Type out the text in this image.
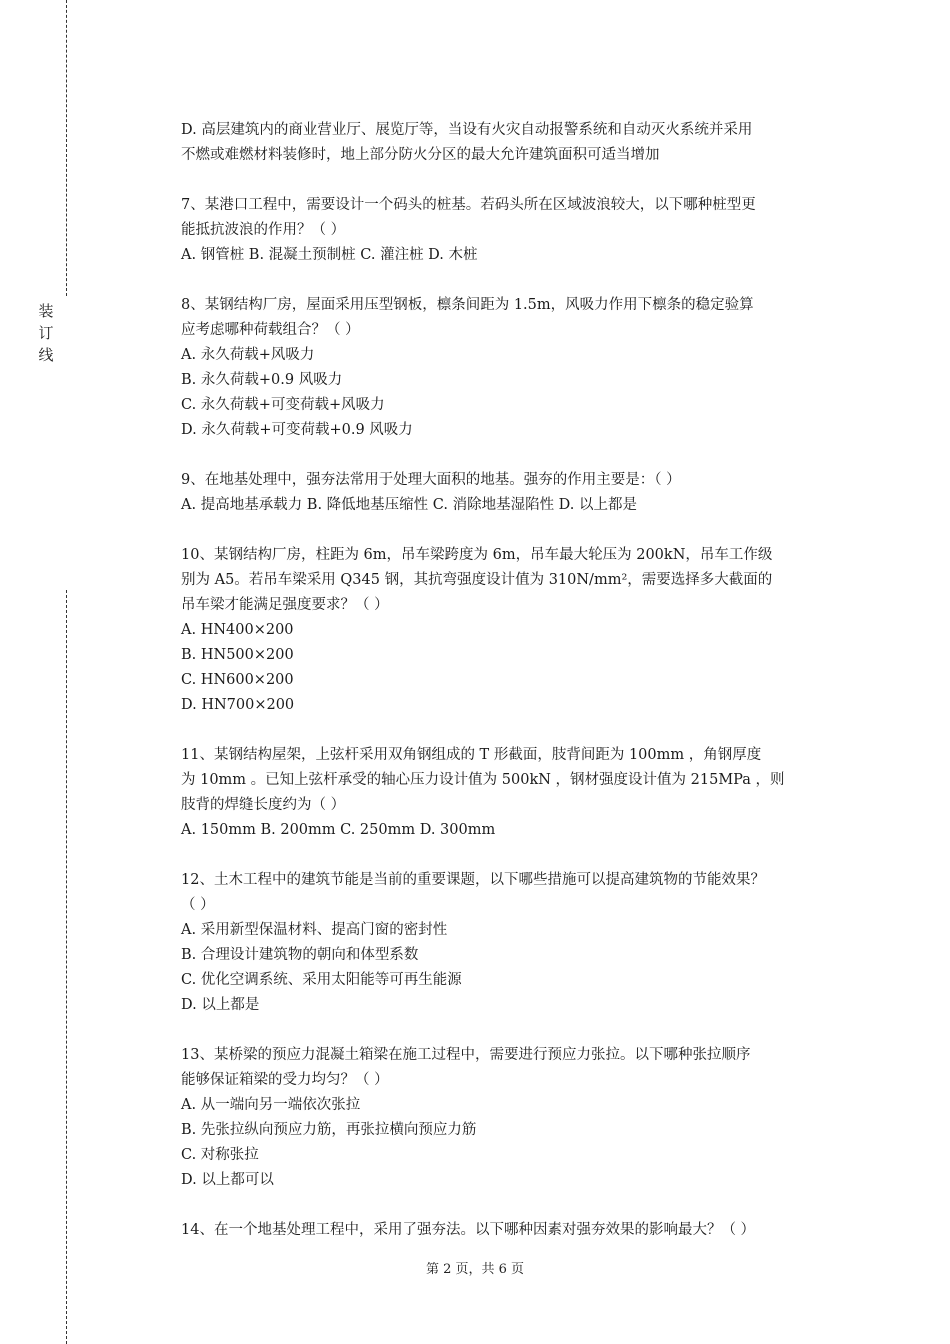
装
订
线

D. 高层建筑内的商业营业厅、展览厅等，当设有火灾自动报警系统和自动灭火系统并采用

不燃或难燃材料装修时，地上部分防火分区的最大允许建筑面积可适当增加

7、某港口工程中，需要设计一个码头的桩基。若码头所在区域波浪较大，以下哪种桩型更

能抵抗波浪的作用？（ ）

A. 钢管桩 B. 混凝土预制桩 C. 灌注桩 D. 木桩

8、某钢结构厂房，屋面采用压型钢板，檩条间距为 1.5m，风吸力作用下檩条的稳定验算

应考虑哪种荷载组合？（ ）

A. 永久荷载+风吸力

B. 永久荷载+0.9 风吸力

C. 永久荷载+可变荷载+风吸力

D. 永久荷载+可变荷载+0.9 风吸力

9、在地基处理中，强夯法常用于处理大面积的地基。强夯的作用主要是：（ ）

A. 提高地基承载力 B. 降低地基压缩性 C. 消除地基湿陷性 D. 以上都是

10、某钢结构厂房，柱距为 6m，吊车梁跨度为 6m，吊车最大轮压为 200kN，吊车工作级

别为 A5。若吊车梁采用 Q345 钢，其抗弯强度设计值为 310N/mm²，需要选择多大截面的

吊车梁才能满足强度要求？（ ）

A. HN400×200

B. HN500×200

C. HN600×200

D. HN700×200

11、某钢结构屋架，上弦杆采用双角钢组成的 T 形截面，肢背间距为 100mm ，角钢厚度

为 10mm 。已知上弦杆承受的轴心压力设计值为 500kN ，钢材强度设计值为 215MPa ，则

肢背的焊缝长度约为（ ）

A. 150mm B. 200mm C. 250mm D. 300mm

12、土木工程中的建筑节能是当前的重要课题，以下哪些措施可以提高建筑物的节能效果？

（ ）

A. 采用新型保温材料、提高门窗的密封性

B. 合理设计建筑物的朝向和体型系数

C. 优化空调系统、采用太阳能等可再生能源

D. 以上都是

13、某桥梁的预应力混凝土箱梁在施工过程中，需要进行预应力张拉。以下哪种张拉顺序

能够保证箱梁的受力均匀？（ ）

A. 从一端向另一端依次张拉

B. 先张拉纵向预应力筋，再张拉横向预应力筋

C. 对称张拉

D. 以上都可以

14、在一个地基处理工程中，采用了强夯法。以下哪种因素对强夯效果的影响最大？（ ）

第 2 页，共 6 页
